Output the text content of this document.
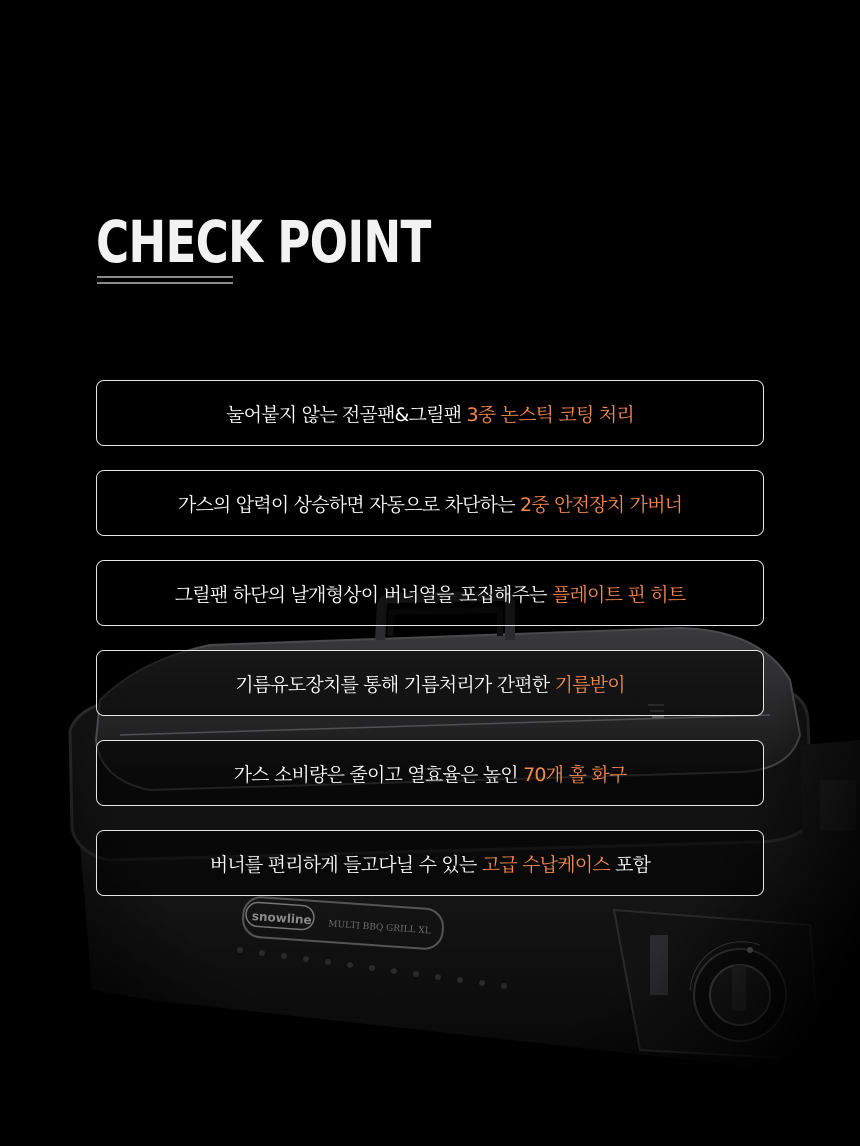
CHECK POINT
눌어붙지 않는 전골팬&그릴팬 3중 논스틱 코팅 처리
가스의 압력이 상승하면 자동으로 차단하는 2중 안전장치 가버너
그릴팬 하단의 날개형상이 버너열을 포집해주는 플레이트 핀 히트
기름유도장치를 통해 기름처리가 간편한 기름받이
가스 소비량은 줄이고 열효율은 높인 70개 홀 화구
버너를 편리하게 들고다닐 수 있는 고급 수납케이스 포함
